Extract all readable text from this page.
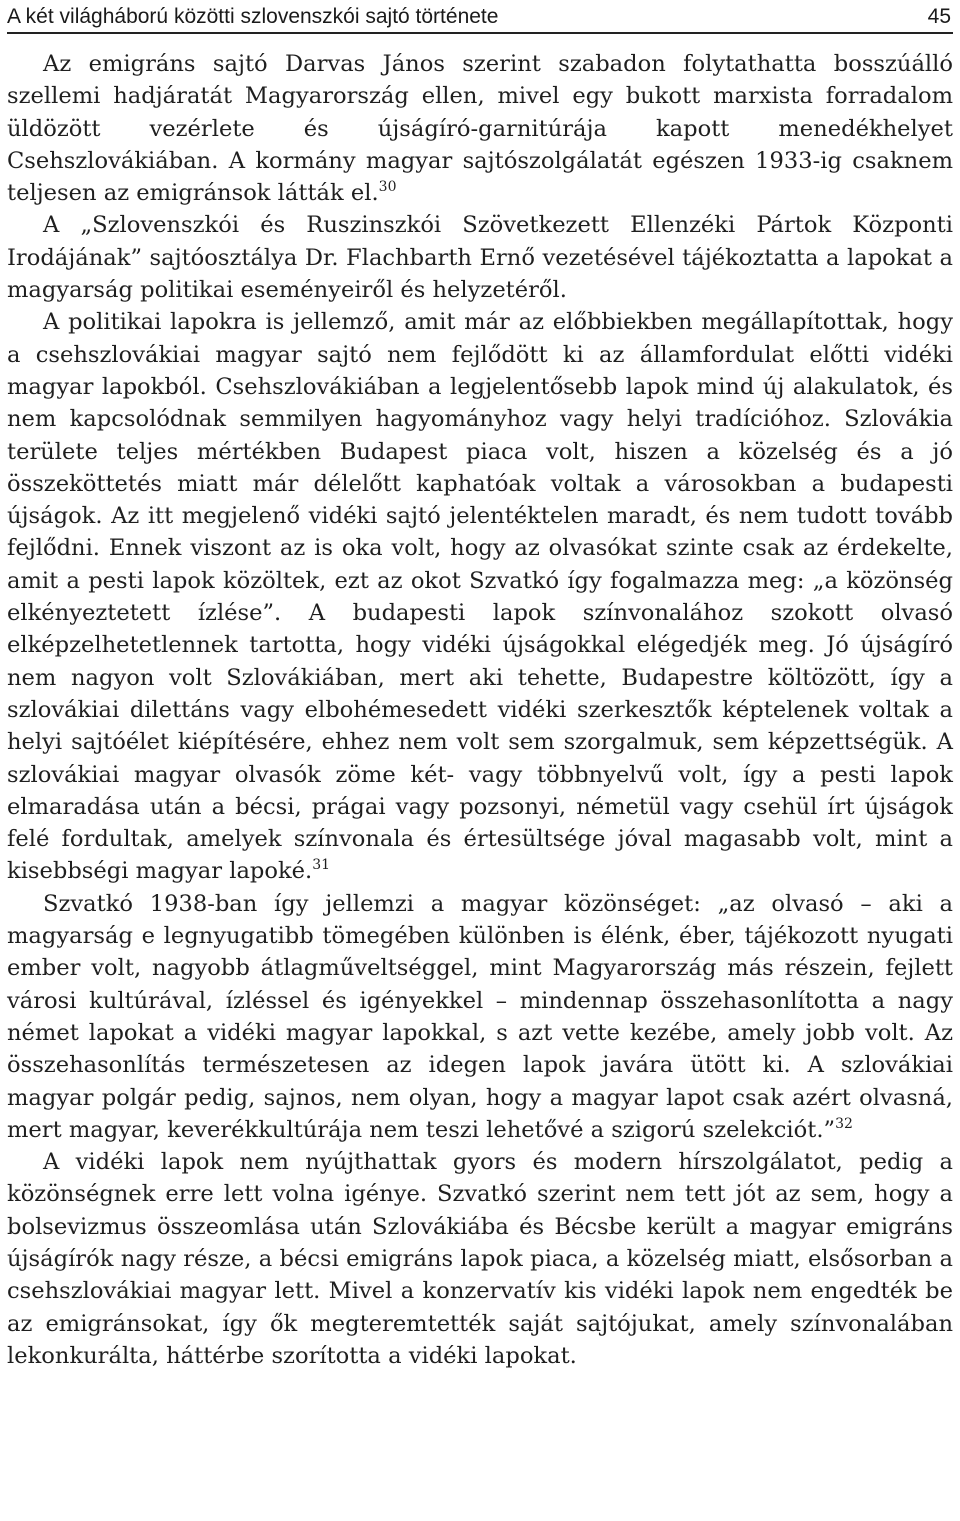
A két világháború közötti szlovenszkói sajtó története	45

Az emigráns sajtó Darvas János szerint szabadon folytathatta bosszúálló szellemi hadjáratát Magyarország ellen, mivel egy bukott marxista forradalom üldözött vezérlete és újságíró-garnitúrája kapott menedékhelyet Csehszlovákiában. A kormány magyar sajtószolgálatát egészen 1933-ig csaknem teljesen az emigránsok látták el.$^{30}$

A „Szlovenszkói és Ruszinszkói Szövetkezett Ellenzéki Pártok Központi Irodájának” sajtóosztálya Dr. Flachbarth Ernő vezetésével tájékoztatta a lapokat a magyarság politikai eseményeiről és helyzetéről.

A politikai lapokra is jellemző, amit már az előbbiekben megállapítottak, hogy a csehszlovákiai magyar sajtó nem fejlődött ki az államfordulat előtti vidéki magyar lapokból. Csehszlovákiában a legjelentősebb lapok mind új alakulatok, és nem kapcsolódnak semmilyen hagyományhoz vagy helyi tradícióhoz. Szlovákia területe teljes mértékben Budapest piaca volt, hiszen a közelség és a jó összeköttetés miatt már délelőtt kaphatóak voltak a városokban a budapesti újságok. Az itt megjelenő vidéki sajtó jelentéktelen maradt, és nem tudott tovább fejlődni. Ennek viszont az is oka volt, hogy az olvasókat szinte csak az érdekelte, amit a pesti lapok közöltek, ezt az okot Szvatkó így fogalmazza meg: „a közönség elkényeztetett ízlése”. A budapesti lapok színvonalához szokott olvasó elképzelhetetlennek tartotta, hogy vidéki újságokkal elégedjék meg. Jó újságíró nem nagyon volt Szlovákiában, mert aki tehette, Budapestre költözött, így a szlovákiai dilettáns vagy elbohémesedett vidéki szerkesztők képtelenek voltak a helyi sajtóélet kiépítésére, ehhez nem volt sem szorgalmuk, sem képzettségük. A szlovákiai magyar olvasók zöme két- vagy többnyelvű volt, így a pesti lapok elmaradása után a bécsi, prágai vagy pozsonyi, németül vagy csehül írt újságok felé fordultak, amelyek színvonala és értesültsége jóval magasabb volt, mint a kisebbségi magyar lapoké.$^{31}$

Szvatkó 1938-ban így jellemzi a magyar közönséget: „az olvasó – aki a magyarság e legnyugatibb tömegében különben is élénk, éber, tájékozott nyugati ember volt, nagyobb átlagműveltséggel, mint Magyarország más részein, fejlett városi kultúrával, ízléssel és igényekkel – mindennap összehasonlította a nagy német lapokat a vidéki magyar lapokkal, s azt vette kezébe, amely jobb volt. Az összehasonlítás természetesen az idegen lapok javára ütött ki. A szlovákiai magyar polgár pedig, sajnos, nem olyan, hogy a magyar lapot csak azért olvasná, mert magyar, keverékkultúrája nem teszi lehetővé a szigorú szelekciót.”$^{32}$

A vidéki lapok nem nyújthattak gyors és modern hírszolgálatot, pedig a közönségnek erre lett volna igénye. Szvatkó szerint nem tett jót az sem, hogy a bolsevizmus összeomlása után Szlovákiába és Bécsbe került a magyar emigráns újságírók nagy része, a bécsi emigráns lapok piaca, a közelség miatt, elsősorban a csehszlovákiai magyar lett. Mivel a konzervatív kis vidéki lapok nem engedték be az emigránsokat, így ők megteremtették saját sajtójukat, amely színvonalában lekonkurálta, háttérbe szorította a vidéki lapokat.
